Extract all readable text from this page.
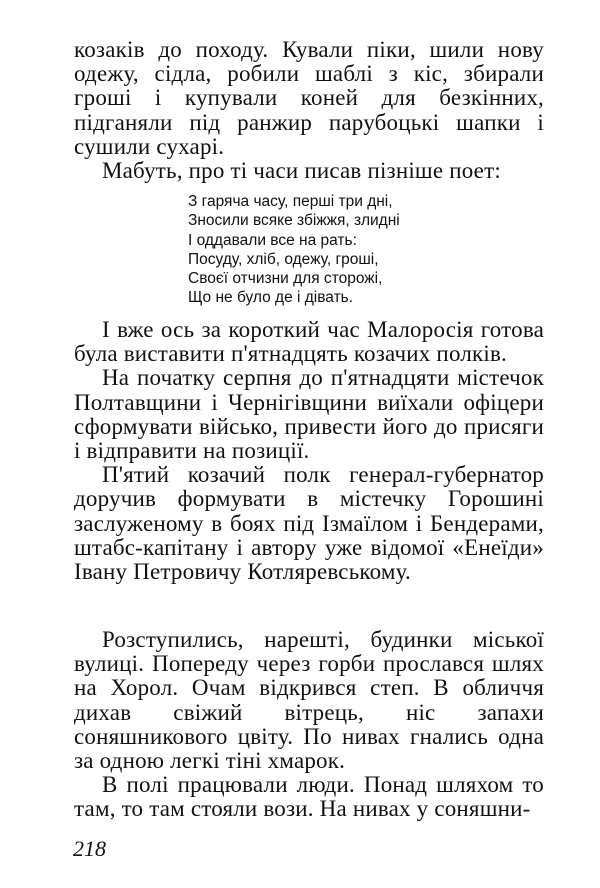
козаків до походу. Кували піки, шили нову одежу, сідла, робили шаблі з кіс, збирали гроші і купували коней для безкінних, підганяли під ранжир парубоцькі шапки і сушили сухарі.

Мабуть, про ті часи писав пізніше поет:

З гаряча часу, перші три дні,
Зносили всяке збіжжя, злидні
І оддавали все на рать:
Посуду, хліб, одежу, гроші,
Своєї отчизни для сторожі,
Що не було де і дівать.

І вже ось за короткий час Малоросія готова була виставити п'ятнадцять козачих полків.

На початку серпня до п'ятнадцяти містечок Полтавщини і Чернігівщини виїхали офіцери сформувати військо, привести його до присяги і відправити на позиції.

П'ятий козачий полк генерал-губернатор доручив формувати в містечку Горошині заслуженому в боях під Ізмаїлом і Бендерами, штабс-капітану і автору уже відомої «Енеїди» Івану Петровичу Котляревському.

Розступились, нарешті, будинки міської вулиці. Попереду через горби прослався шлях на Хорол. Очам відкрився степ. В обличчя дихав свіжий вітрець, ніс запахи соняшникового цвіту. По нивах гнались одна за одною легкі тіні хмарок.

В полі працювали люди. Понад шляхом то там, то там стояли вози. На нивах у соняшни-

218
